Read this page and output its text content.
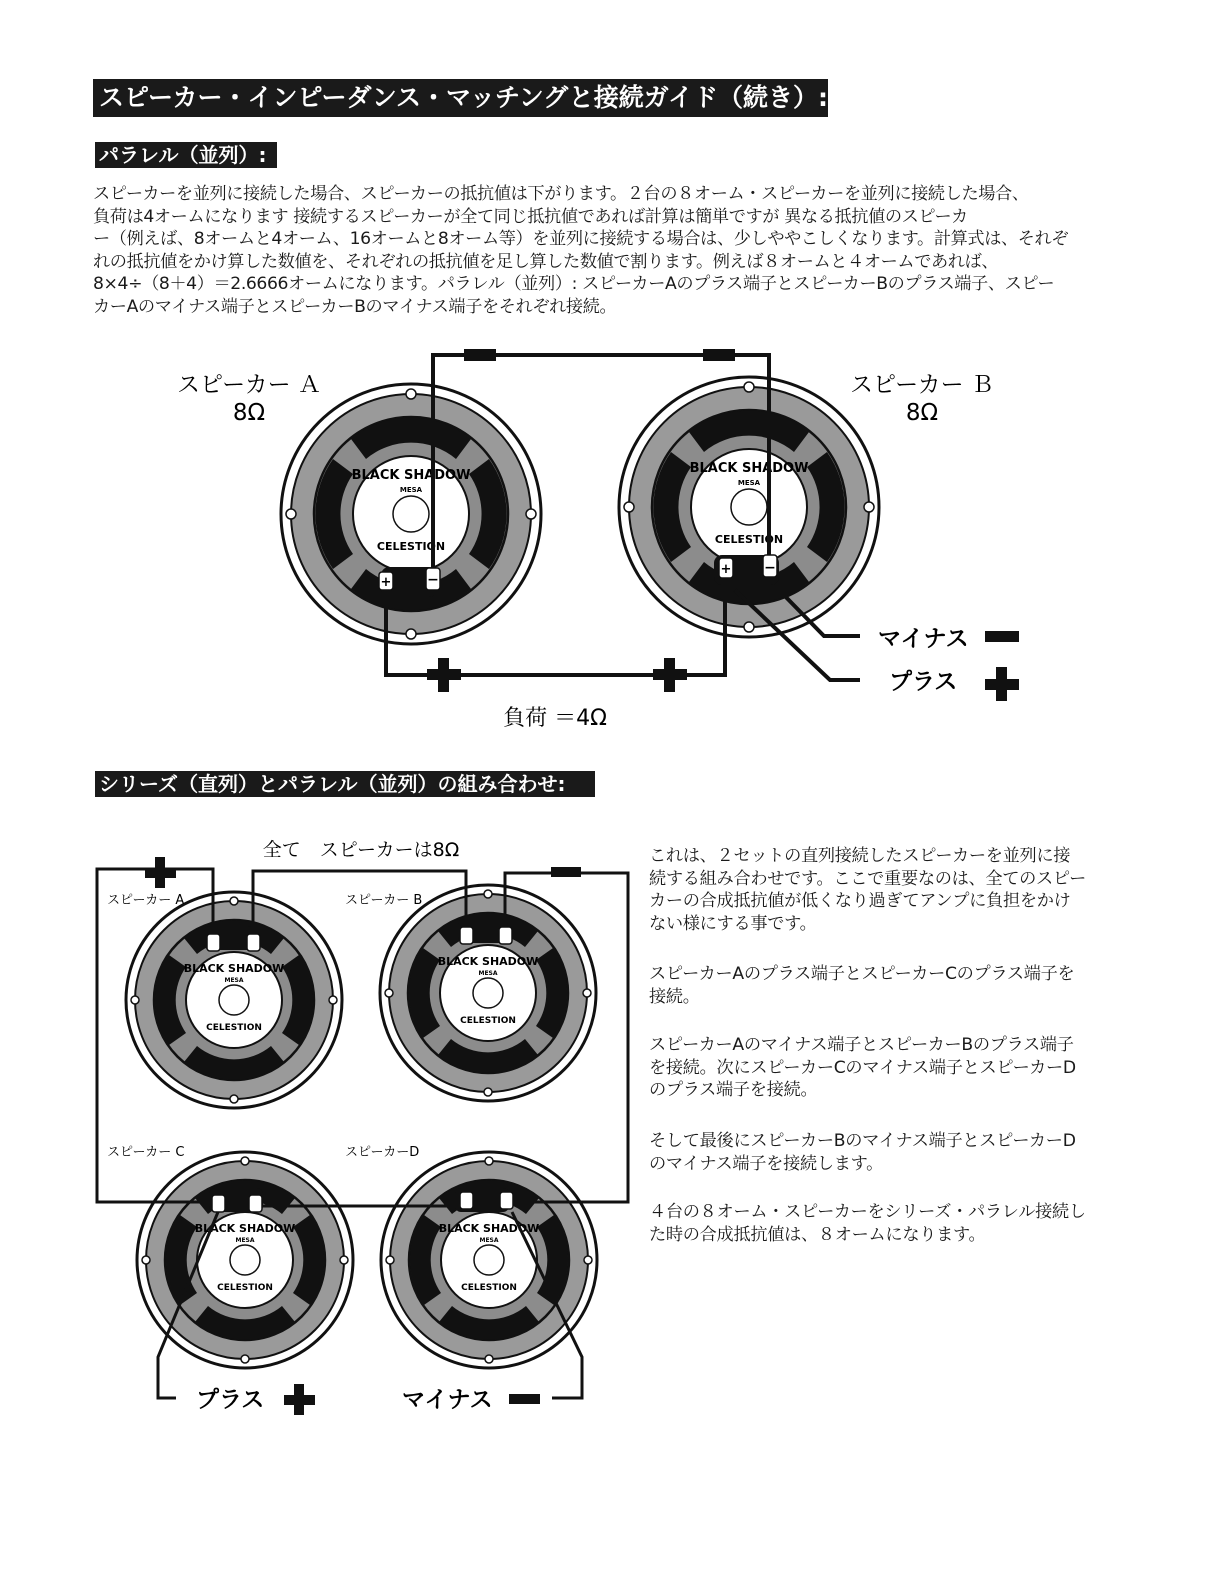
スピーカー・インピーダンス・マッチングと接続ガイド（続き）:
パラレル（並列）:

スピーカーを並列に接続した場合、スピーカーの抵抗値は下がります。２台の８オーム・スピーカーを並列に接続した場合、
負荷は4オームになります 接続するスピーカーが全て同じ抵抗値であれば計算は簡単ですが 異なる抵抗値のスピーカ
ー（例えば、8オームと4オーム、16オームと8オーム等）を並列に接続する場合は、少しややこしくなります。計算式は、それぞ
れの抵抗値をかけ算した数値を、それぞれの抵抗値を足し算した数値で割ります。例えば８オームと４オームであれば、
8×4÷（8＋4）＝2.6666オームになります。パラレル（並列）: スピーカーAのプラス端子とスピーカーBのプラス端子、スピー
カーAのマイナス端子とスピーカーBのマイナス端子をそれぞれ接続。

BLACK SHADOW
MESA
CELESTION
BLACK SHADOW
MESA
CELESTION
−
+
+ −
マイナス
プラス
スピーカー Ａ
8Ω
スピーカー Ｂ
8Ω
負荷 ＝4Ω
シリーズ（直列）とパラレル（並列）の組み合わせ:
BLACK SHADOW
MESA
CELESTION
BLACK SHADOW
MESA
CELESTION
BLACK SHADOW
MESA
CELESTION
BLACK SHADOW
MESA
CELESTION
全て　スピーカーは8Ω
スピーカー A	スピーカー B
スピーカー C	スピーカーD
プラス	マイナス

これは、２セットの直列接続したスピーカーを並列に接
続する組み合わせです。ここで重要なのは、全てのスピー
カーの合成抵抗値が低くなり過ぎてアンプに負担をかけ
ない様にする事です。

スピーカーAのプラス端子とスピーカーCのプラス端子を
接続。

スピーカーAのマイナス端子とスピーカーBのプラス端子
を接続。次にスピーカーCのマイナス端子とスピーカーD
のプラス端子を接続。

そして最後にスピーカーBのマイナス端子とスピーカーD
のマイナス端子を接続します。

４台の８オーム・スピーカーをシリーズ・パラレル接続し
た時の合成抵抗値は、８オームになります。
